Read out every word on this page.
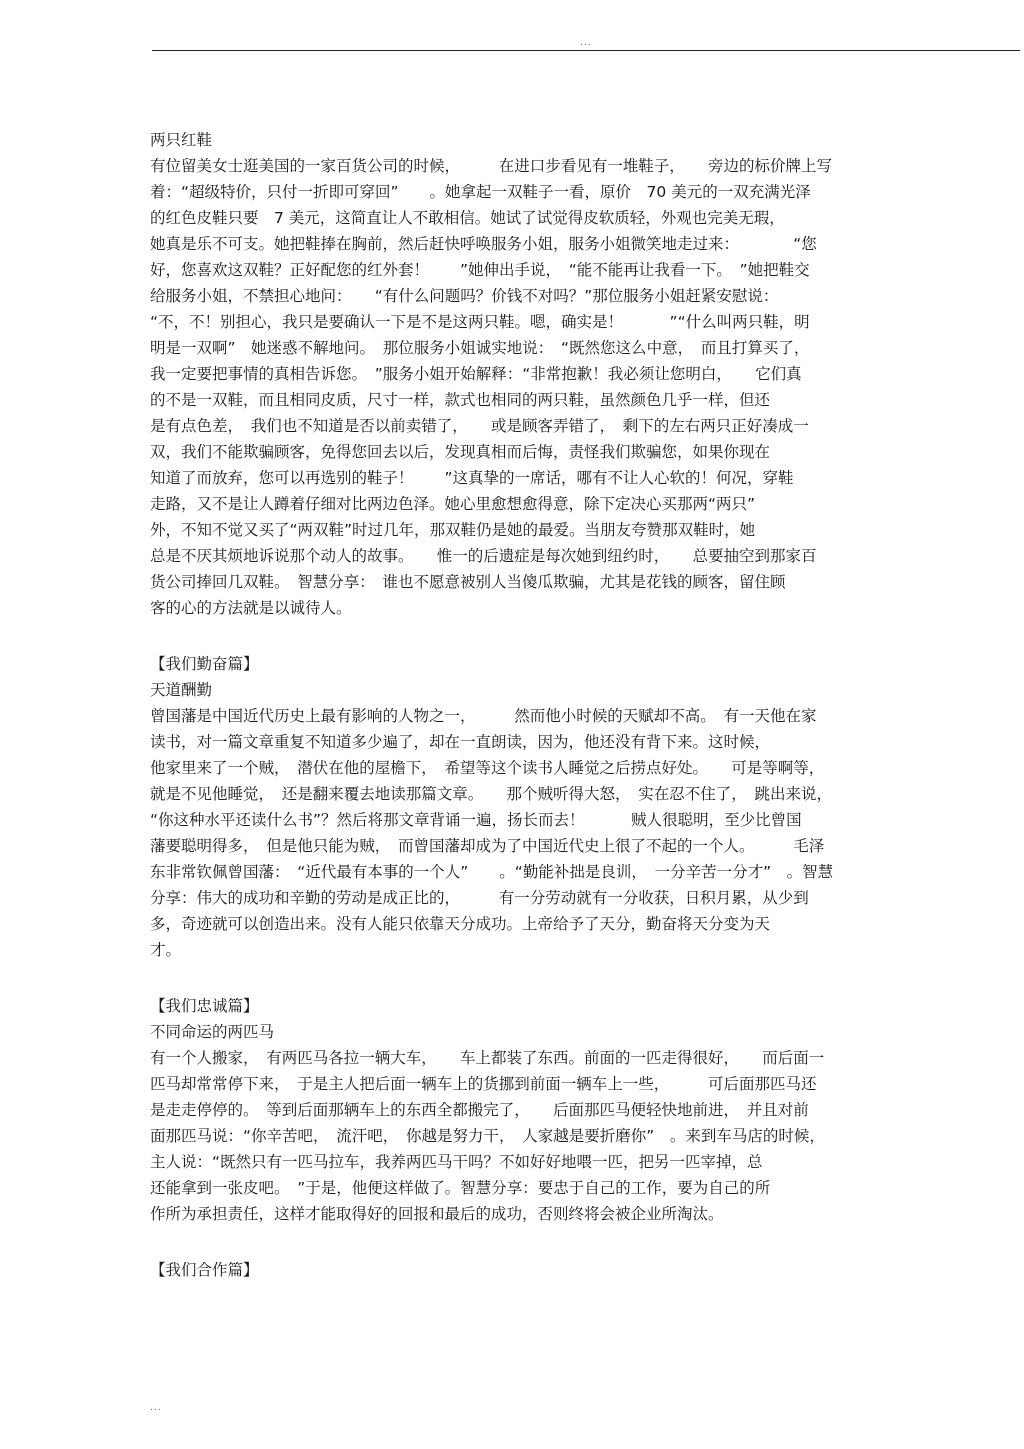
...
两只红鞋
有位留美女士逛美国的一家百货公司的时候，　　　在进口步看见有一堆鞋子，　　旁边的标价牌上写
着：“超级特价，只付一折即可穿回”　　。她拿起一双鞋子一看，原价　70 美元的一双充满光泽
的红色皮鞋只要　7 美元，这简直让人不敢相信。她试了试觉得皮软质轻，外观也完美无瑕，
她真是乐不可支。她把鞋捧在胸前，然后赶快呼唤服务小姐，服务小姐微笑地走过来：　　　　“您
好，您喜欢这双鞋？正好配您的红外套！　　”她伸出手说，　“能不能再让我看一下。　”她把鞋交
给服务小姐，不禁担心地问：　　“有什么问题吗？价钱不对吗？”那位服务小姐赶紧安慰说：
“不，不！别担心，我只是要确认一下是不是这两只鞋。嗯，确实是！　　　”“什么叫两只鞋，明
明是一双啊”　她迷惑不解地问。　那位服务小姐诚实地说：　“既然您这么中意，　而且打算买了，
我一定要把事情的真相告诉您。　”服务小姐开始解释：“非常抱歉！我必须让您明白，　　它们真
的不是一双鞋，而且相同皮质，尺寸一样，款式也相同的两只鞋，虽然颜色几乎一样，但还
是有点色差，　我们也不知道是否以前卖错了，　　或是顾客弄错了，　剩下的左右两只正好凑成一
双，我们不能欺骗顾客，免得您回去以后，发现真相而后悔，责怪我们欺骗您，如果你现在
知道了而放弃，您可以再选别的鞋子！　　”这真挚的一席话，哪有不让人心软的！何况，穿鞋
走路，又不是让人蹲着仔细对比两边色泽。她心里愈想愈得意，除下定决心买那两“两只”
外，不知不觉又买了“两双鞋”时过几年，那双鞋仍是她的最爱。当朋友夸赞那双鞋时，她
总是不厌其烦地诉说那个动人的故事。　　惟一的后遗症是每次她到纽约时，　　总要抽空到那家百
货公司捧回几双鞋。　智慧分享：　谁也不愿意被别人当傻瓜欺骗，尤其是花钱的顾客，留住顾
客的心的方法就是以诚待人。
【我们勤奋篇】
天道酬勤
曾国藩是中国近代历史上最有影响的人物之一，　　　然而他小时候的天赋却不高。　有一天他在家
读书，对一篇文章重复不知道多少遍了，却在一直朗读，因为，他还没有背下来。这时候，
他家里来了一个贼，　潜伏在他的屋檐下，　希望等这个读书人睡觉之后捞点好处。　　可是等啊等，
就是不见他睡觉，　还是翻来覆去地读那篇文章。　　那个贼听得大怒，　实在忍不住了，　跳出来说，
“你这种水平还读什么书”？然后将那文章背诵一遍，扬长而去！　　　贼人很聪明，至少比曾国
藩要聪明得多，　但是他只能为贼，　而曾国藩却成为了中国近代史上很了不起的一个人。　　　毛泽
东非常钦佩曾国藩：　“近代最有本事的一个人”　　。“勤能补拙是良训，　一分辛苦一分才”　。智慧
分享：伟大的成功和辛勤的劳动是成正比的，　　　有一分劳动就有一分收获，日积月累，从少到
多，奇迹就可以创造出来。没有人能只依靠天分成功。上帝给予了天分，勤奋将天分变为天
才。
【我们忠诚篇】
不同命运的两匹马
有一个人搬家，　有两匹马各拉一辆大车，　　车上都装了东西。前面的一匹走得很好，　　而后面一
匹马却常常停下来，　于是主人把后面一辆车上的货挪到前面一辆车上一些，　　　可后面那匹马还
是走走停停的。　等到后面那辆车上的东西全都搬完了，　　后面那匹马便轻快地前进，　并且对前
面那匹马说：“你辛苦吧，　流汗吧，　你越是努力干，　人家越是要折磨你”　。来到车马店的时候，
主人说：“既然只有一匹马拉车，我养两匹马干吗？不如好好地喂一匹，把另一匹宰掉，总
还能拿到一张皮吧。　”于是，他便这样做了。智慧分享：要忠于自己的工作，要为自己的所
作所为承担责任，这样才能取得好的回报和最后的成功，否则终将会被企业所淘汰。
【我们合作篇】
...
